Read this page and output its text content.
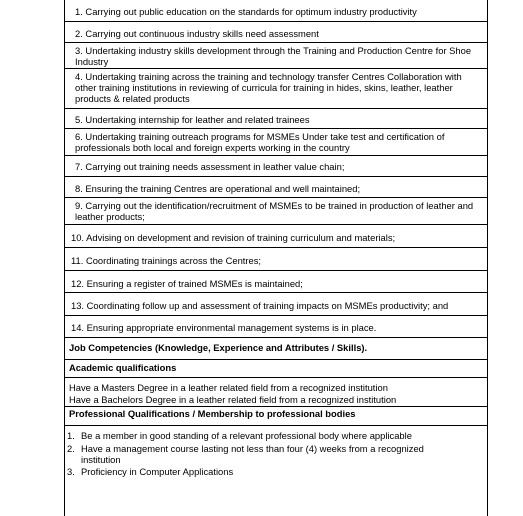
1. Carrying out public education on the standards for optimum industry productivity
2. Carrying out continuous industry skills need assessment
3. Undertaking industry skills development through the Training and Production Centre for Shoe Industry
4. Undertaking training across the training and technology transfer Centres Collaboration with other training institutions in reviewing of curricula for training in hides, skins, leather, leather products & related products
5. Undertaking internship for leather and related trainees
6. Undertaking training outreach programs for MSMEs Under take test and certification of professionals both local and foreign experts working in the country
7. Carrying out training needs assessment in leather value chain;
8. Ensuring the training Centres are operational and well maintained;
9. Carrying out the identification/recruitment of MSMEs to be trained in production of leather and leather products;
10. Advising on development and revision of training curriculum and materials;
11. Coordinating trainings across the Centres;
12. Ensuring a register of trained MSMEs is maintained;
13. Coordinating follow up and assessment of training impacts on MSMEs productivity; and
14. Ensuring appropriate environmental management systems is in place.
Job Competencies (Knowledge, Experience and Attributes / Skills).
Academic qualifications
Have a Masters Degree in a leather related field from a recognized institution
Have a Bachelors Degree in a leather related field from a recognized institution
Professional Qualifications / Membership to professional bodies
1. Be a member in good standing of a relevant professional body where applicable
2. Have a management course lasting not less than four (4) weeks from a recognized institution
3. Proficiency in Computer Applications
